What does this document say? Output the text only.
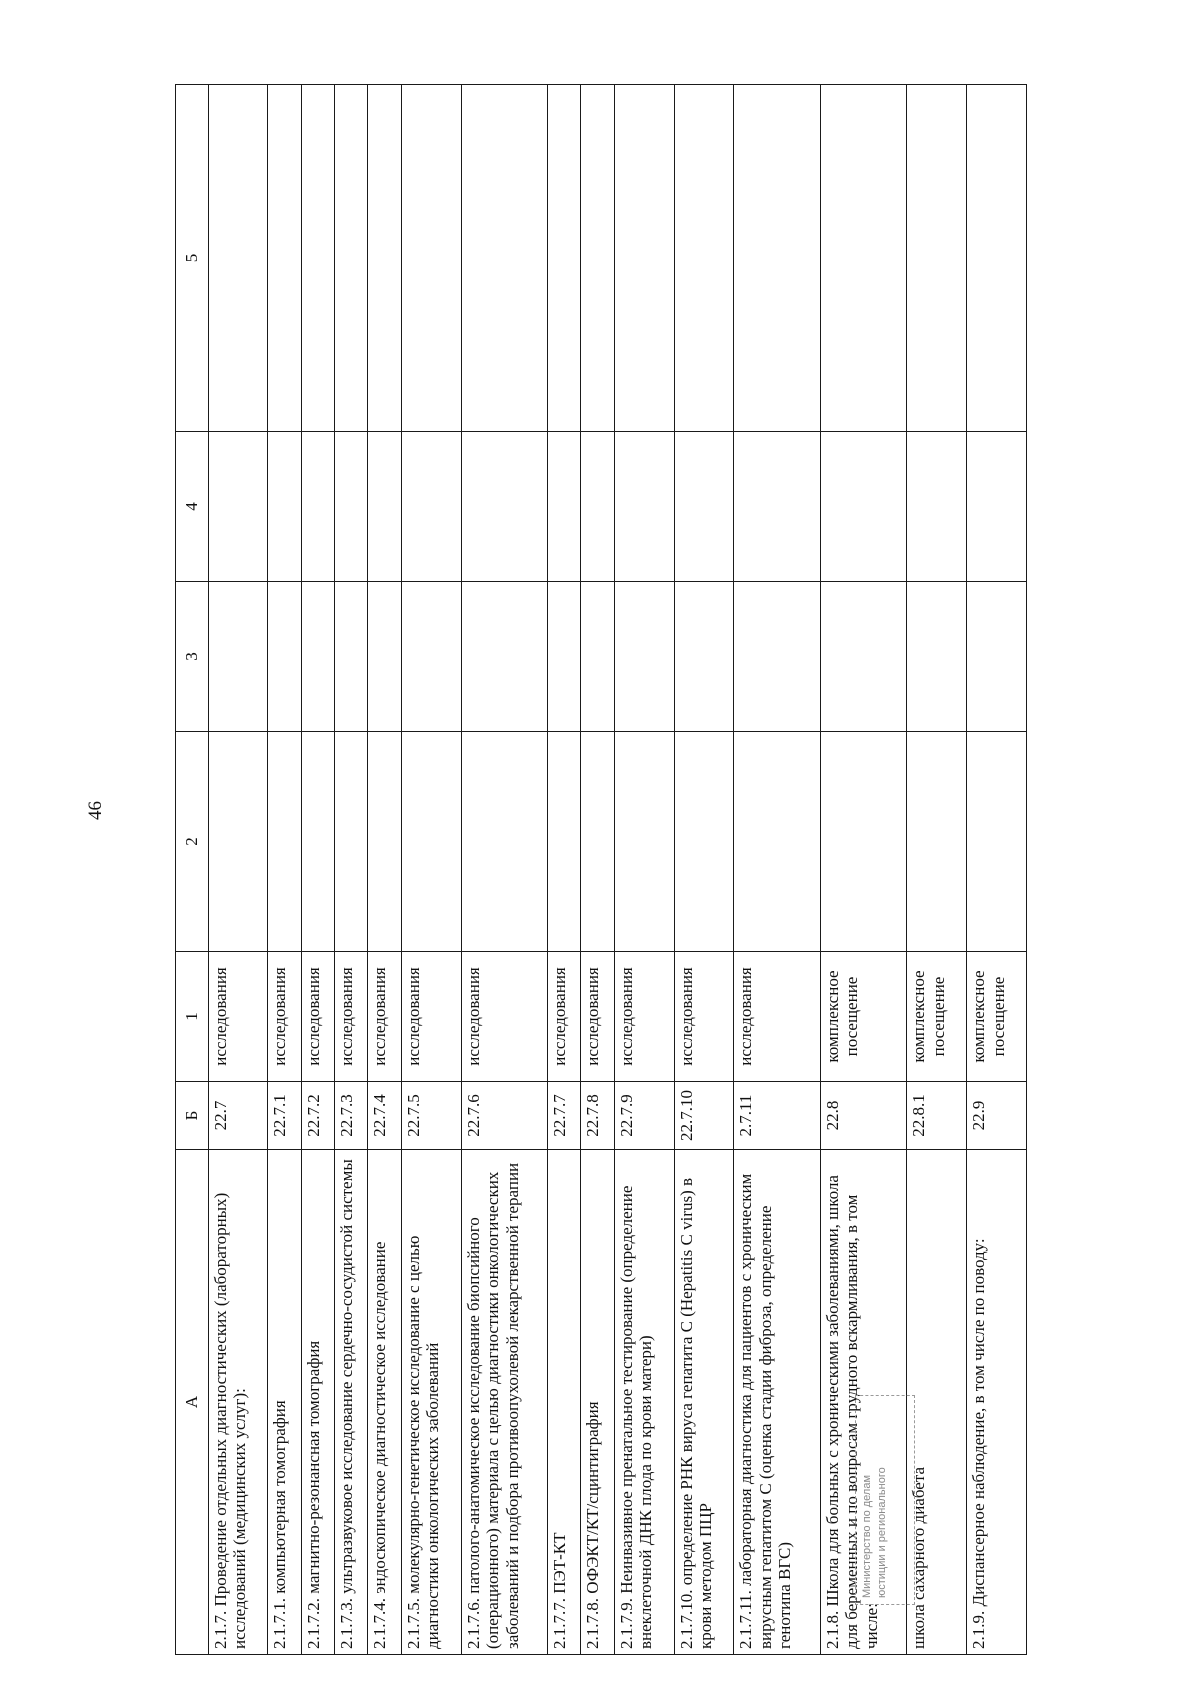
46
А	Б	1	2	3	4	5
2.1.7. Проведение отдельных диагностических (лабораторных) исследований (медицинских услуг):	22.7	исследования				
2.1.7.1. компьютерная томография	22.7.1	исследования				
2.1.7.2. магнитно-резонансная томография	22.7.2	исследования				
2.1.7.3. ультразвуковое исследование сердечно-сосудистой системы	22.7.3	исследования				
2.1.7.4. эндоскопическое диагностическое исследование	22.7.4	исследования				
2.1.7.5. молекулярно-генетическое исследование с целью диагностики онкологических заболеваний	22.7.5	исследования				
2.1.7.6. патолого-анатомическое исследование биопсийного (операционного) материала с целью диагностики онкологических заболеваний и подбора противоопухолевой лекарственной терапии	22.7.6	исследования				
2.1.7.7. ПЭТ-КТ	22.7.7	исследования				
2.1.7.8. ОФЭКТ/КТ/сцинтиграфия	22.7.8	исследования				
2.1.7.9. Неинвазивное пренатальное тестирование (определение внеклеточной ДНК плода по крови матери)	22.7.9	исследования				
2.1.7.10. определение РНК вируса гепатита C (Hepatitis C virus) в крови методом ПЦР	22.7.10	исследования				
2.1.7.11. лабораторная диагностика для пациентов с хроническим вирусным гепатитом C (оценка стадии фиброза, определение генотипа ВГС)	2.7.11	исследования				
2.1.8. Школа для больных с хроническими заболеваниями, школа для беременных и по вопросам грудного вскармливания, в том числе:	22.8	комплексное посещение				
школа сахарного диабета	22.8.1	комплексное посещение				
2.1.9. Диспансерное наблюдение, в том числе по поводу:	22.9	комплексное посещение				
Министерство по делам юстиции и регионального
